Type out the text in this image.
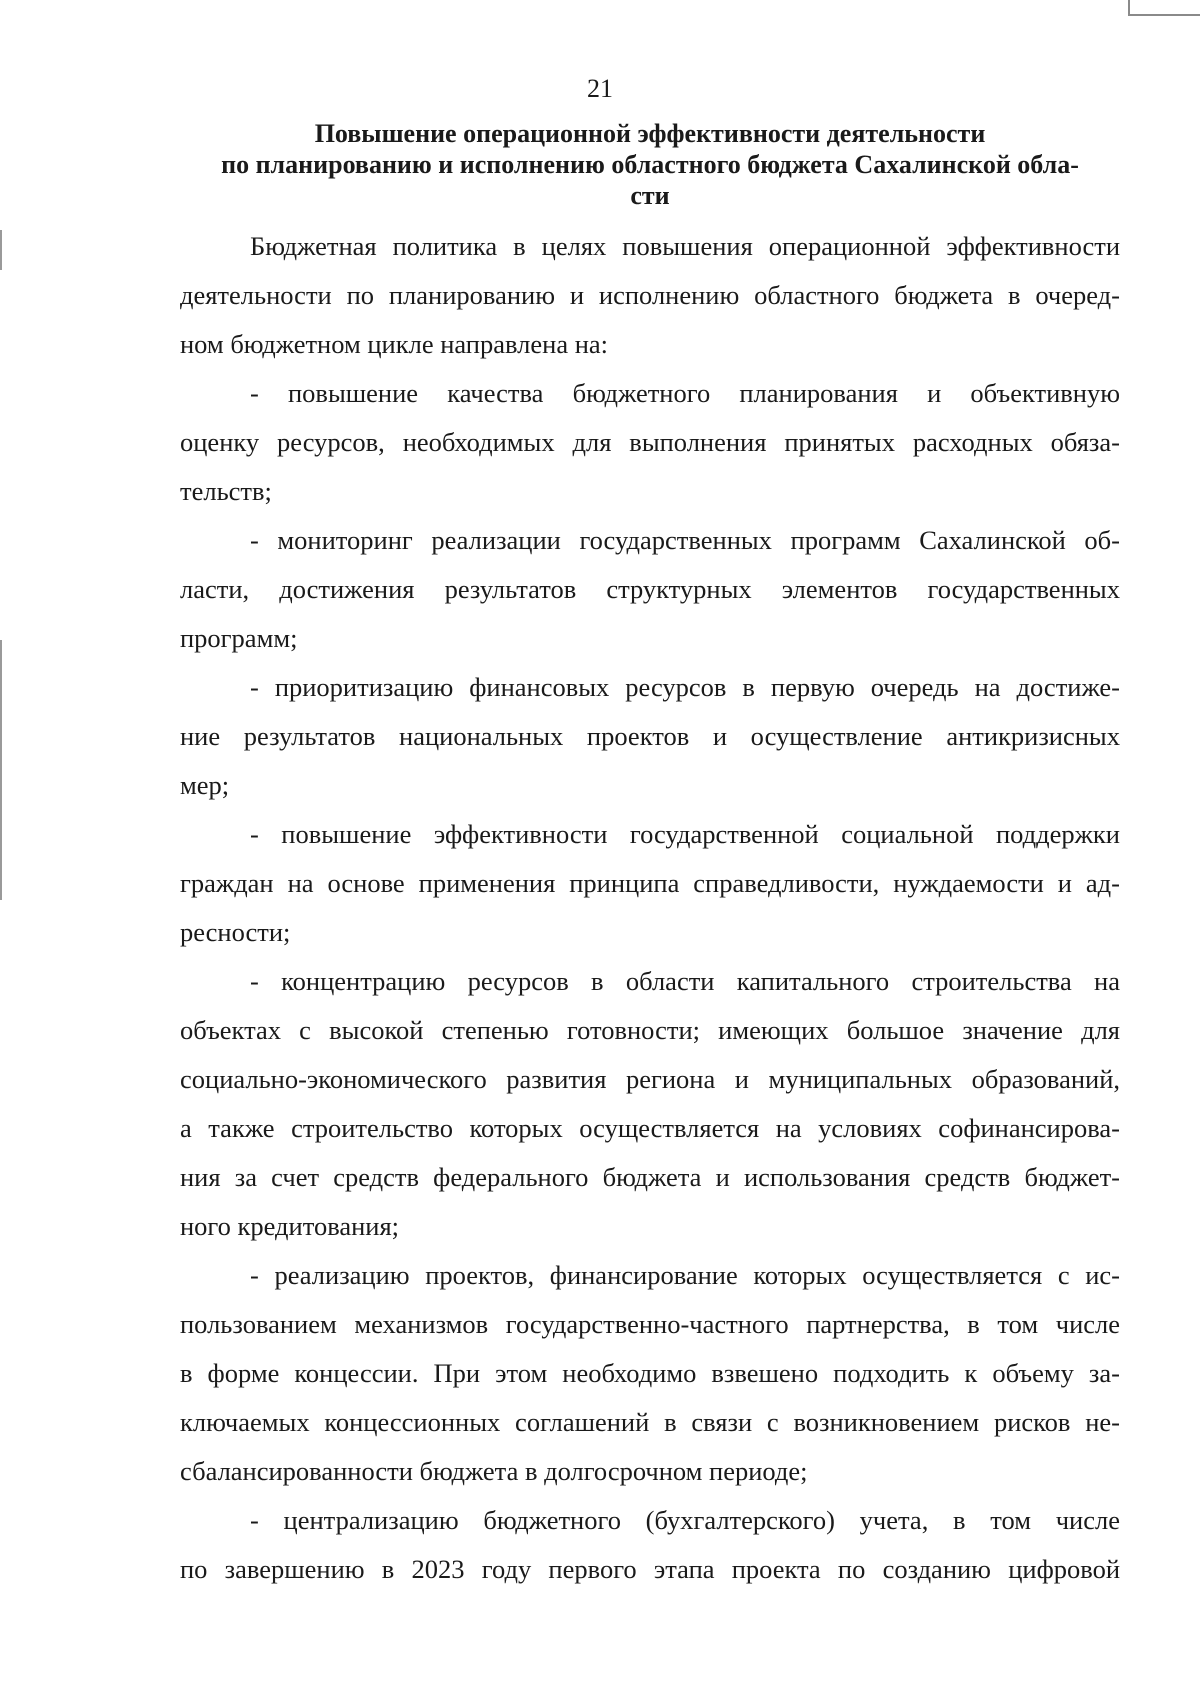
21
Повышение операционной эффективности деятельности
по планированию и исполнению областного бюджета Сахалинской обла-
сти

Бюджетная политика в целях повышения операционной эффективности
деятельности по планированию и исполнению областного бюджета в очеред-
ном бюджетном цикле направлена на:

- повышение качества бюджетного планирования и объективную
оценку ресурсов, необходимых для выполнения принятых расходных обяза-
тельств;

- мониторинг реализации государственных программ Сахалинской об-
ласти, достижения результатов структурных элементов государственных
программ;

- приоритизацию финансовых ресурсов в первую очередь на достиже-
ние результатов национальных проектов и осуществление антикризисных
мер;

- повышение эффективности государственной социальной поддержки
граждан на основе применения принципа справедливости, нуждаемости и ад-
ресности;

- концентрацию ресурсов в области капитального строительства на
объектах с высокой степенью готовности; имеющих большое значение для
социально-экономического развития региона и муниципальных образований,
а также строительство которых осуществляется на условиях софинансирова-
ния за счет средств федерального бюджета и использования средств бюджет-
ного кредитования;

- реализацию проектов, финансирование которых осуществляется с ис-
пользованием механизмов государственно-частного партнерства, в том числе
в форме концессии. При этом необходимо взвешено подходить к объему за-
ключаемых концессионных соглашений в связи с возникновением рисков не-
сбалансированности бюджета в долгосрочном периоде;

- централизацию бюджетного (бухгалтерского) учета, в том числе
по завершению в 2023 году первого этапа проекта по созданию цифровой
